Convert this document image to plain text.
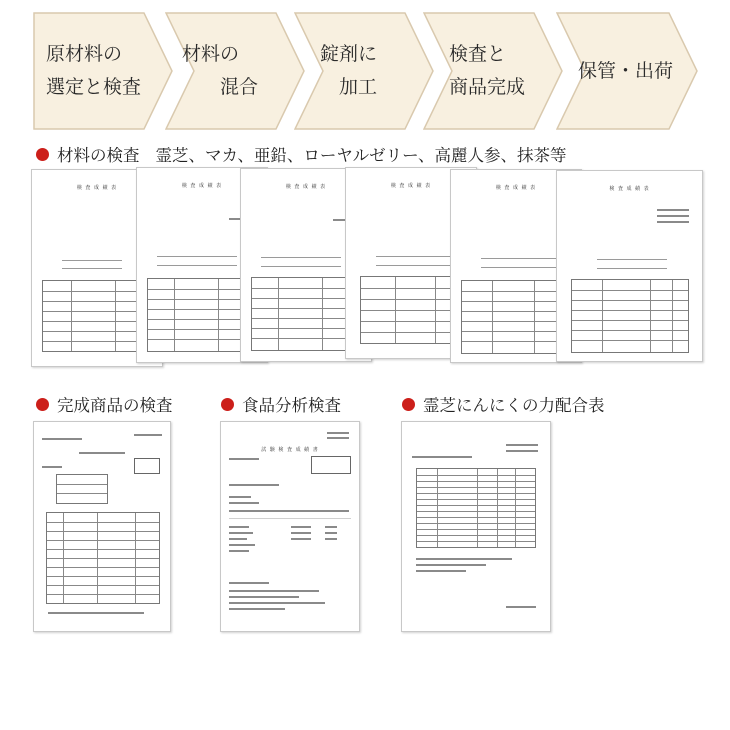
原材料の
選定と検査
材料の
　　混合
錠剤に
　加工
検査と
商品完成
保管・出荷
材料の検査 霊芝、マカ、亜鉛、ローヤルゼリー、高麗人参、抹茶等
検 査 成 績 表	検 査 成 績 表	検 査 成 績 表	検 査 成 績 表	検 査 成 績 表	検 査 成 績 表
完成商品の検査	食品分析検査	霊芝にんにくの力配合表
試 験 検 査 成 績 書
